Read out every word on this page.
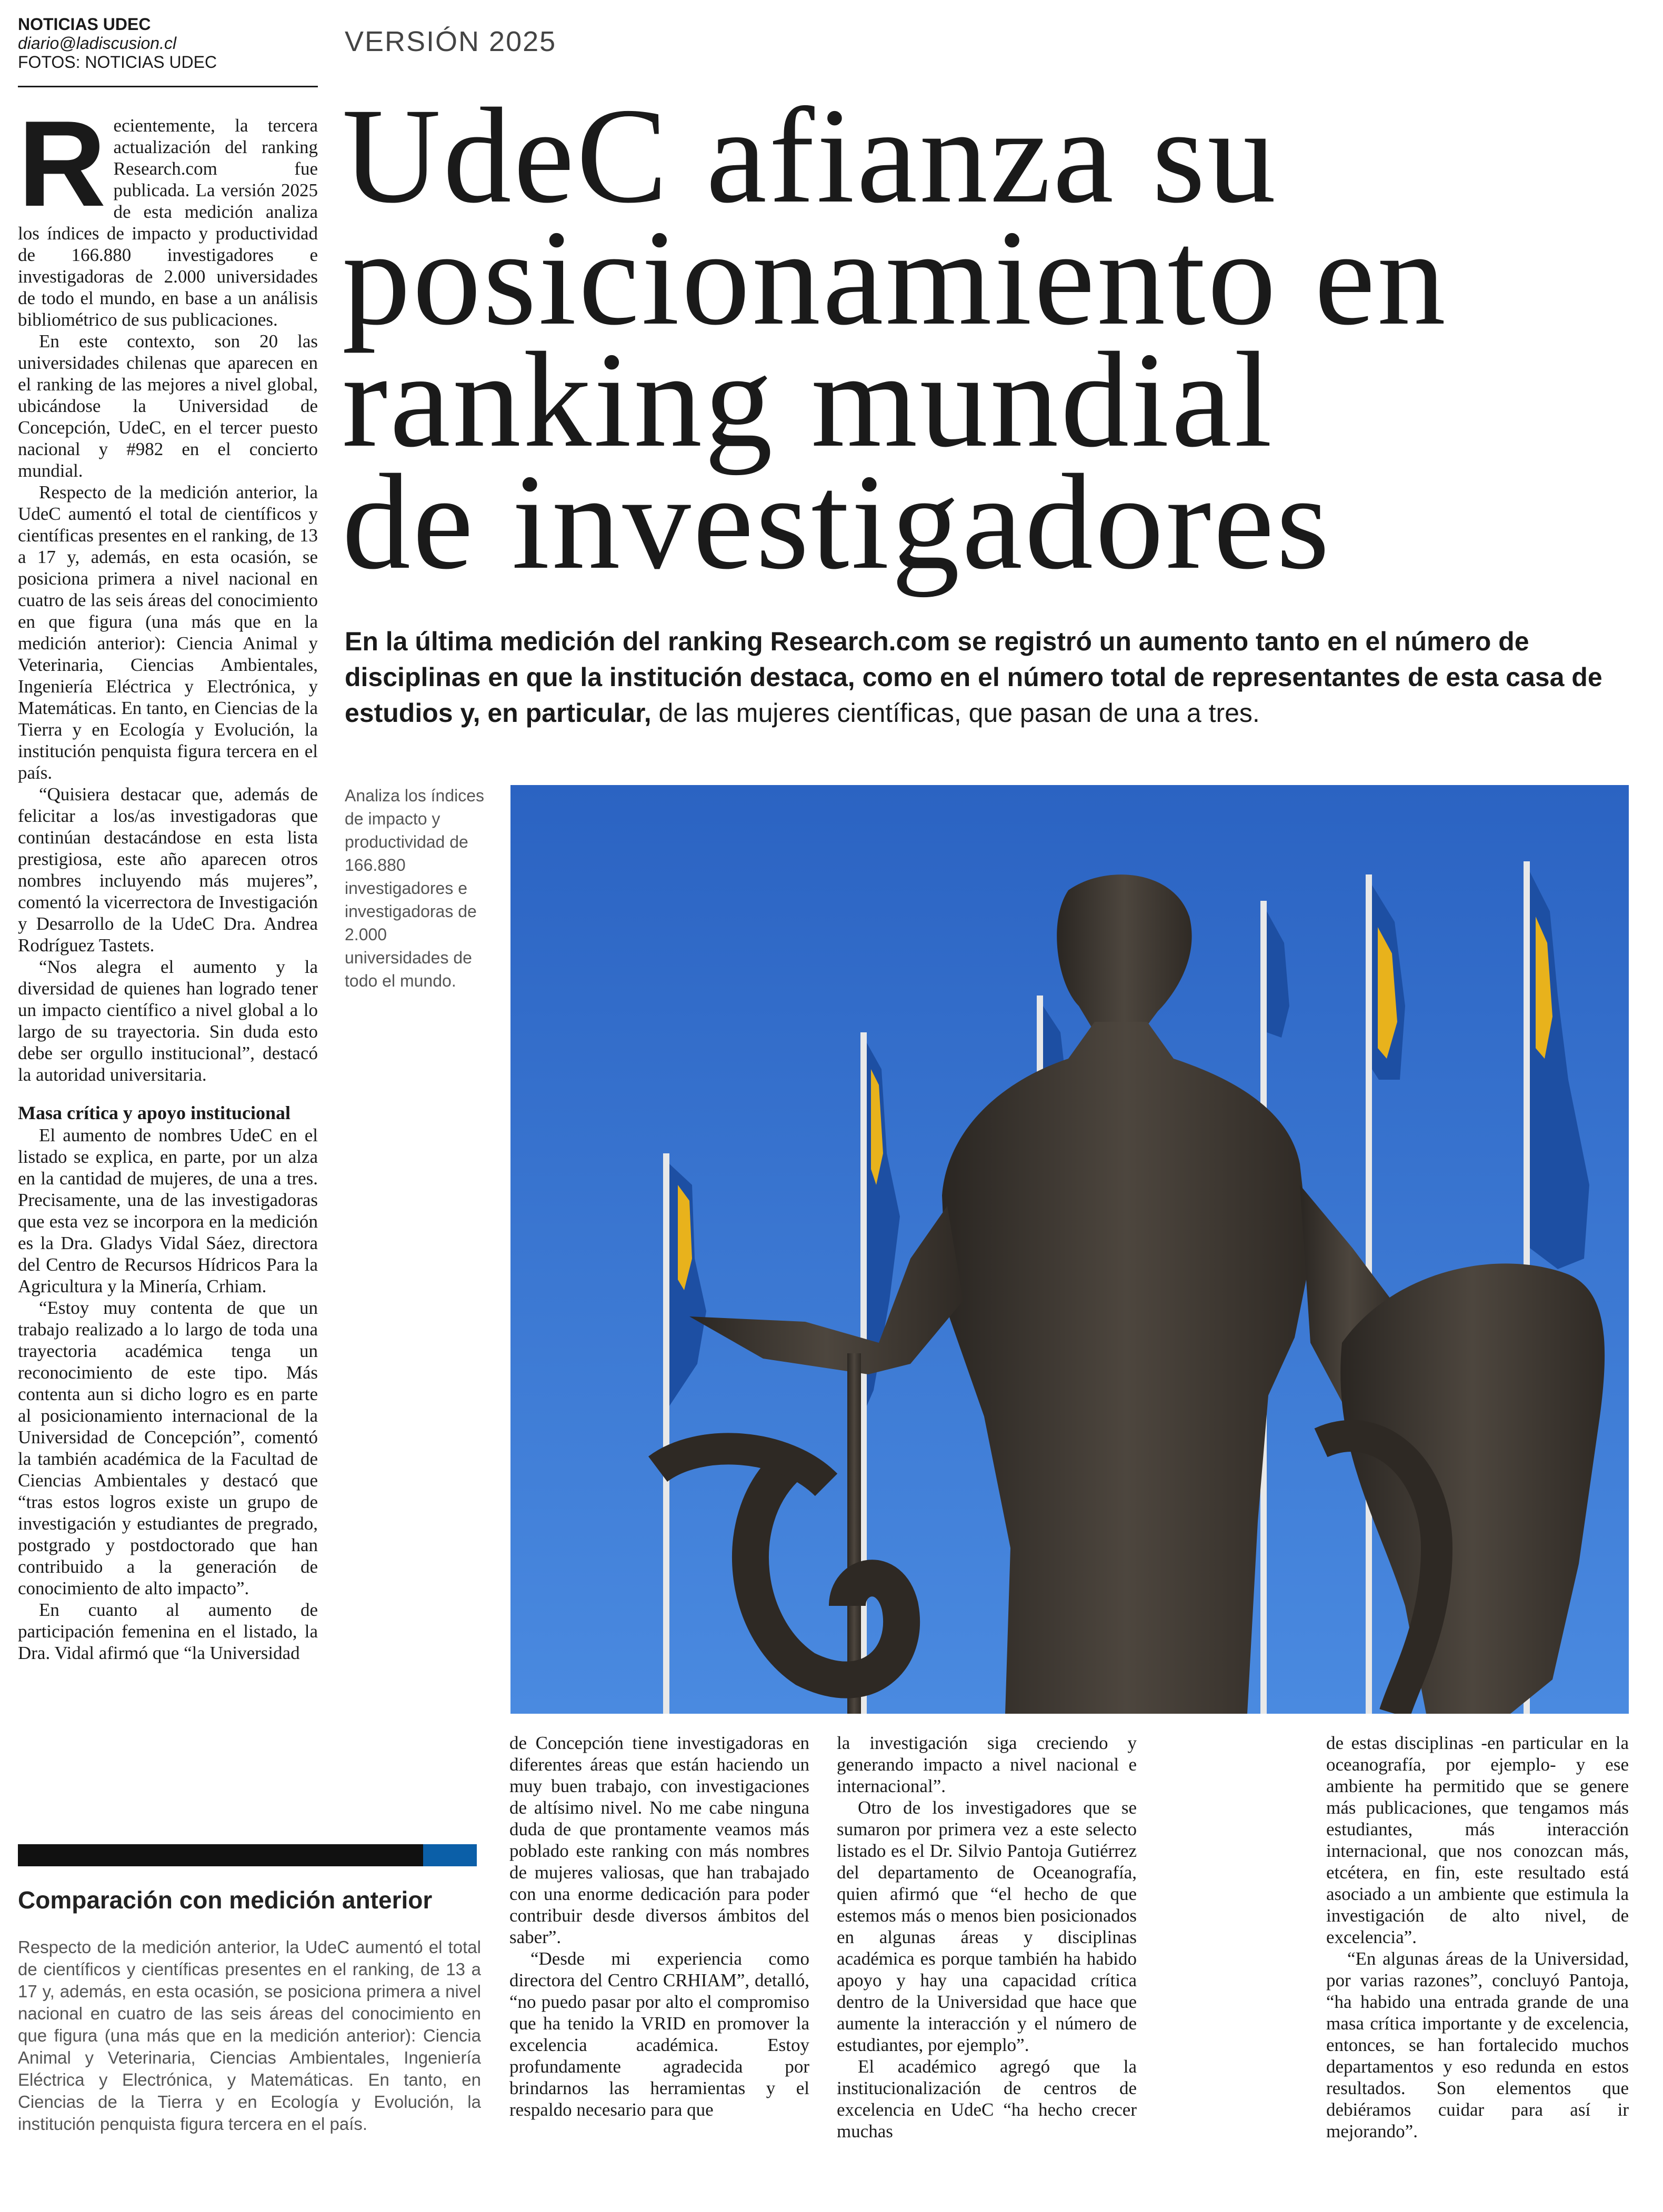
NOTICIAS UDEC
diario@ladiscusion.cl
FOTOS: NOTICIAS UDEC
VERSIÓN 2025
UdeC afianza su
posicionamiento en
ranking mundial
de investigadores
En la última medición del ranking Research.com se registró un aumento tanto en el número de disciplinas en que la institución destaca, como en el número total de representantes de esta casa de estudios y, en particular, de las mujeres científicas, que pasan de una a tres.
Analiza los índices de impacto y productividad de 166.880 investigadores e investigadoras de 2.000 universidades de todo el mundo.

Recientemente, la tercera actualización del ranking Research.com fue publicada. La versión 2025 de esta medición analiza los índices de impacto y productividad de 166.880 investigadores e investigadoras de 2.000 universidades de todo el mundo, en base a un análisis bibliométrico de sus publicaciones.

En este contexto, son 20 las universidades chilenas que aparecen en el ranking de las mejores a nivel global, ubicándose la Universidad de Concepción, UdeC, en el tercer puesto nacional y #982 en el concierto mundial.

Respecto de la medición anterior, la UdeC aumentó el total de científicos y científicas presentes en el ranking, de 13 a 17 y, además, en esta ocasión, se posiciona primera a nivel nacional en cuatro de las seis áreas del conocimiento en que figura (una más que en la medición anterior): Ciencia Animal y Veterinaria, Ciencias Ambientales, Ingeniería Eléctrica y Electrónica, y Matemáticas. En tanto, en Ciencias de la Tierra y en Ecología y Evolución, la institución penquista figura tercera en el país.

“Quisiera destacar que, además de felicitar a los/as investigadoras que continúan destacándose en esta lista prestigiosa, este año aparecen otros nombres incluyendo más mujeres”, comentó la vicerrectora de Investigación y Desarrollo de la UdeC Dra. Andrea Rodríguez Tastets.

“Nos alegra el aumento y la diversidad de quienes han logrado tener un impacto científico a nivel global a lo largo de su trayectoria. Sin duda esto debe ser orgullo institucional”, destacó la autoridad universitaria.

Masa crítica y apoyo institucional

El aumento de nombres UdeC en el listado se explica, en parte, por un alza en la cantidad de mujeres, de una a tres. Precisamente, una de las investigadoras que esta vez se incorpora en la medición es la Dra. Gladys Vidal Sáez, directora del Centro de Recursos Hídricos Para la Agricultura y la Minería, Crhiam.

“Estoy muy contenta de que un trabajo realizado a lo largo de toda una trayectoria académica tenga un reconocimiento de este tipo. Más contenta aun si dicho logro es en parte al posicionamiento internacional de la Universidad de Concepción”, comentó la también académica de la Facultad de Ciencias Ambientales y destacó que “tras estos logros existe un grupo de investigación y estudiantes de pregrado, postgrado y postdoctorado que han contribuido a la generación de conocimiento de alto impacto”.

En cuanto al aumento de participación femenina en el listado, la Dra. Vidal afirmó que “la Universidad

de Concepción tiene investigadoras en diferentes áreas que están haciendo un muy buen trabajo, con investigaciones de altísimo nivel. No me cabe ninguna duda de que prontamente veamos más poblado este ranking con más nombres de mujeres valiosas, que han trabajado con una enorme dedicación para poder contribuir desde diversos ámbitos del saber”.

“Desde mi experiencia como directora del Centro CRHIAM”, detalló, “no puedo pasar por alto el compromiso que ha tenido la VRID en promover la excelencia académica. Estoy profundamente agradecida por brindarnos las herramientas y el respaldo necesario para que

la investigación siga creciendo y generando impacto a nivel nacional e internacional”.

Otro de los investigadores que se sumaron por primera vez a este selecto listado es el Dr. Silvio Pantoja Gutiérrez del departamento de Oceanografía, quien afirmó que “el hecho de que estemos más o menos bien posicionados en algunas áreas y disciplinas académica es porque también ha habido apoyo y hay una capacidad crítica dentro de la Universidad que hace que aumente la interacción y el número de estudiantes, por ejemplo”.

El académico agregó que la institucionalización de centros de excelencia en UdeC “ha hecho crecer muchas

de estas disciplinas -en particular en la oceanografía, por ejemplo- y ese ambiente ha permitido que se genere más publicaciones, que tengamos más estudiantes, más interacción internacional, que nos conozcan más, etcétera, en fin, este resultado está asociado a un ambiente que estimula la investigación de alto nivel, de excelencia”.

“En algunas áreas de la Universidad, por varias razones”, concluyó Pantoja, “ha habido una entrada grande de una masa crítica importante y de excelencia, entonces, se han fortalecido muchos departamentos y eso redunda en estos resultados. Son elementos que debiéramos cuidar para así ir mejorando”.

Comparación con medición anterior

Respecto de la medición anterior, la UdeC aumentó el total de científicos y científicas presentes en el ranking, de 13 a 17 y, además, en esta ocasión, se posiciona primera a nivel nacional en cuatro de las seis áreas del conocimiento en que figura (una más que en la medición anterior): Ciencia Animal y Veterinaria, Ciencias Ambientales, Ingeniería Eléctrica y Electrónica, y Matemáticas. En tanto, en Ciencias de la Tierra y en Ecología y Evolución, la institución penquista figura tercera en el país.
